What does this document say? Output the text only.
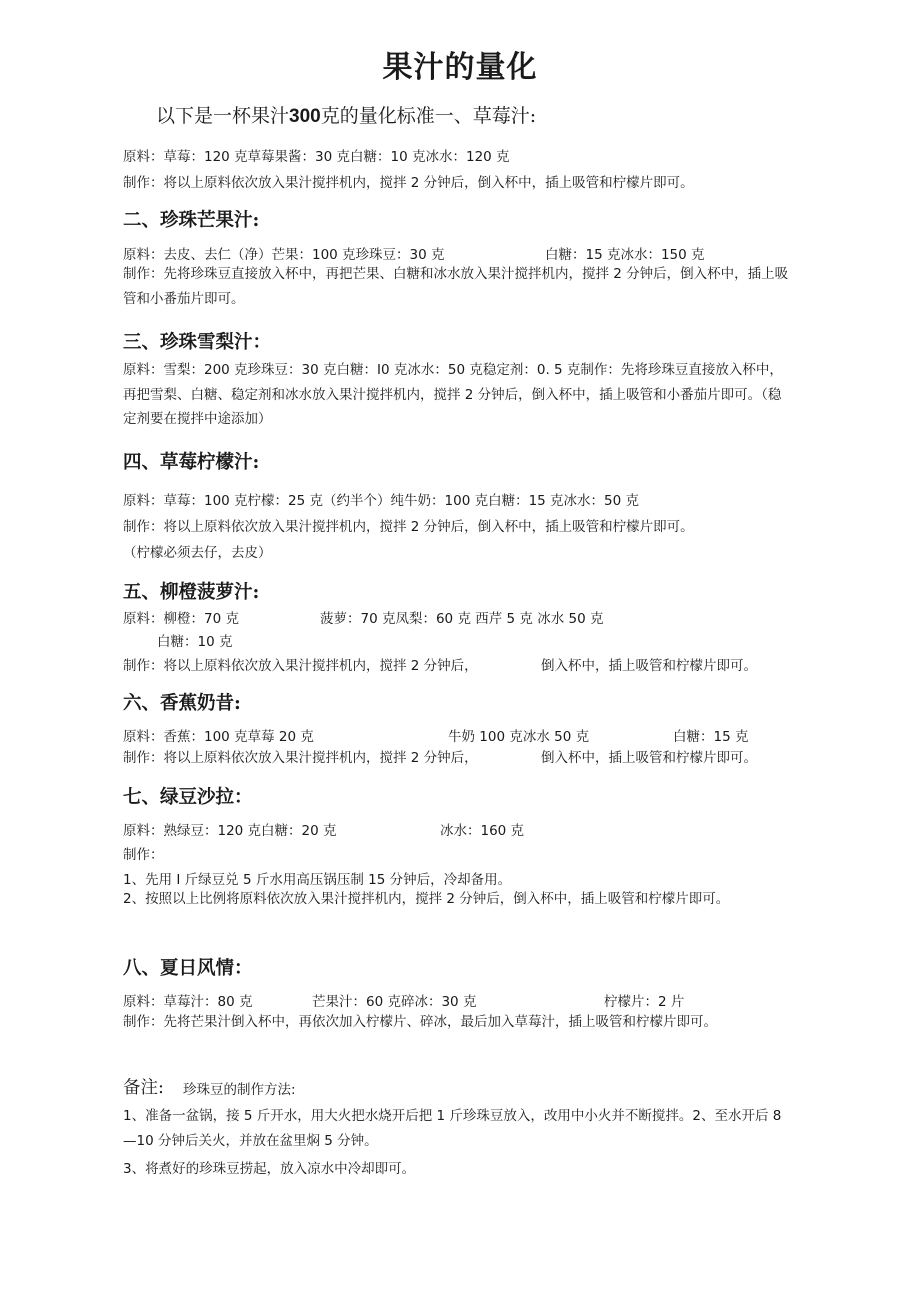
果汁的量化

以下是一杯果汁300克的量化标准一、草莓汁:

原料：草莓：120 克草莓果酱：30 克白糖：10 克冰水：120 克

制作：将以上原料依次放入果汁搅拌机内，搅拌 2 分钟后，倒入杯中，插上吸管和柠檬片即可。

二、珍珠芒果汁:

原料：去皮、去仁（净）芒果：100 克珍珠豆：30 克	白糖：15 克冰水：150 克

制作：先将珍珠豆直接放入杯中，再把芒果、白糖和冰水放入果汁搅拌机内，搅拌 2 分钟后，倒入杯中，插上吸管和小番茄片即可。

三、珍珠雪梨汁：

原料：雪梨：200 克珍珠豆：30 克白糖：I0 克冰水：50 克稳定剂：0. 5 克制作：先将珍珠豆直接放入杯中，再把雪梨、白糖、稳定剂和冰水放入果汁搅拌机内，搅拌 2 分钟后，倒入杯中，插上吸管和小番茄片即可。（稳定剂要在搅拌中途添加）

四、草莓柠檬汁:

原料：草莓：100 克柠檬：25 克（约半个）纯牛奶：100 克白糖：15 克冰水：50 克

制作：将以上原料依次放入果汁搅拌机内，搅拌 2 分钟后，倒入杯中，插上吸管和柠檬片即可。

（柠檬必须去仔，去皮）

五、柳橙菠萝汁:

原料：柳橙：70 克	菠萝：70 克凤梨：60 克 西芹 5 克 冰水 50 克

白糖：10 克

制作：将以上原料依次放入果汁搅拌机内，搅拌 2 分钟后，	倒入杯中，插上吸管和柠檬片即可。

六、香蕉奶昔:

原料：香蕉：100 克草莓 20 克	牛奶 100 克冰水 50 克	白糖：15 克

制作：将以上原料依次放入果汁搅拌机内，搅拌 2 分钟后，	倒入杯中，插上吸管和柠檬片即可。

七、绿豆沙拉：

原料：熟绿豆：120 克白糖：20 克	冰水：160 克

制作：

1、先用 I 斤绿豆兑 5 斤水用高压锅压制 15 分钟后，冷却备用。

2、按照以上比例将原料依次放入果汁搅拌机内，搅拌 2 分钟后，倒入杯中，插上吸管和柠檬片即可。

八、夏日风情：

原料：草莓汁：80 克	芒果汁：60 克碎冰：30 克	柠檬片：2 片

制作：先将芒果汁倒入杯中，再依次加入柠檬片、碎冰，最后加入草莓汁，插上吸管和柠檬片即可。

备注: 珍珠豆的制作方法:

1、准备一盆锅，接 5 斤开水，用大火把水烧开后把 1 斤珍珠豆放入，改用中小火并不断搅拌。2、至水开后 8—10 分钟后关火，并放在盆里焖 5 分钟。

3、将煮好的珍珠豆捞起，放入凉水中冷却即可。
